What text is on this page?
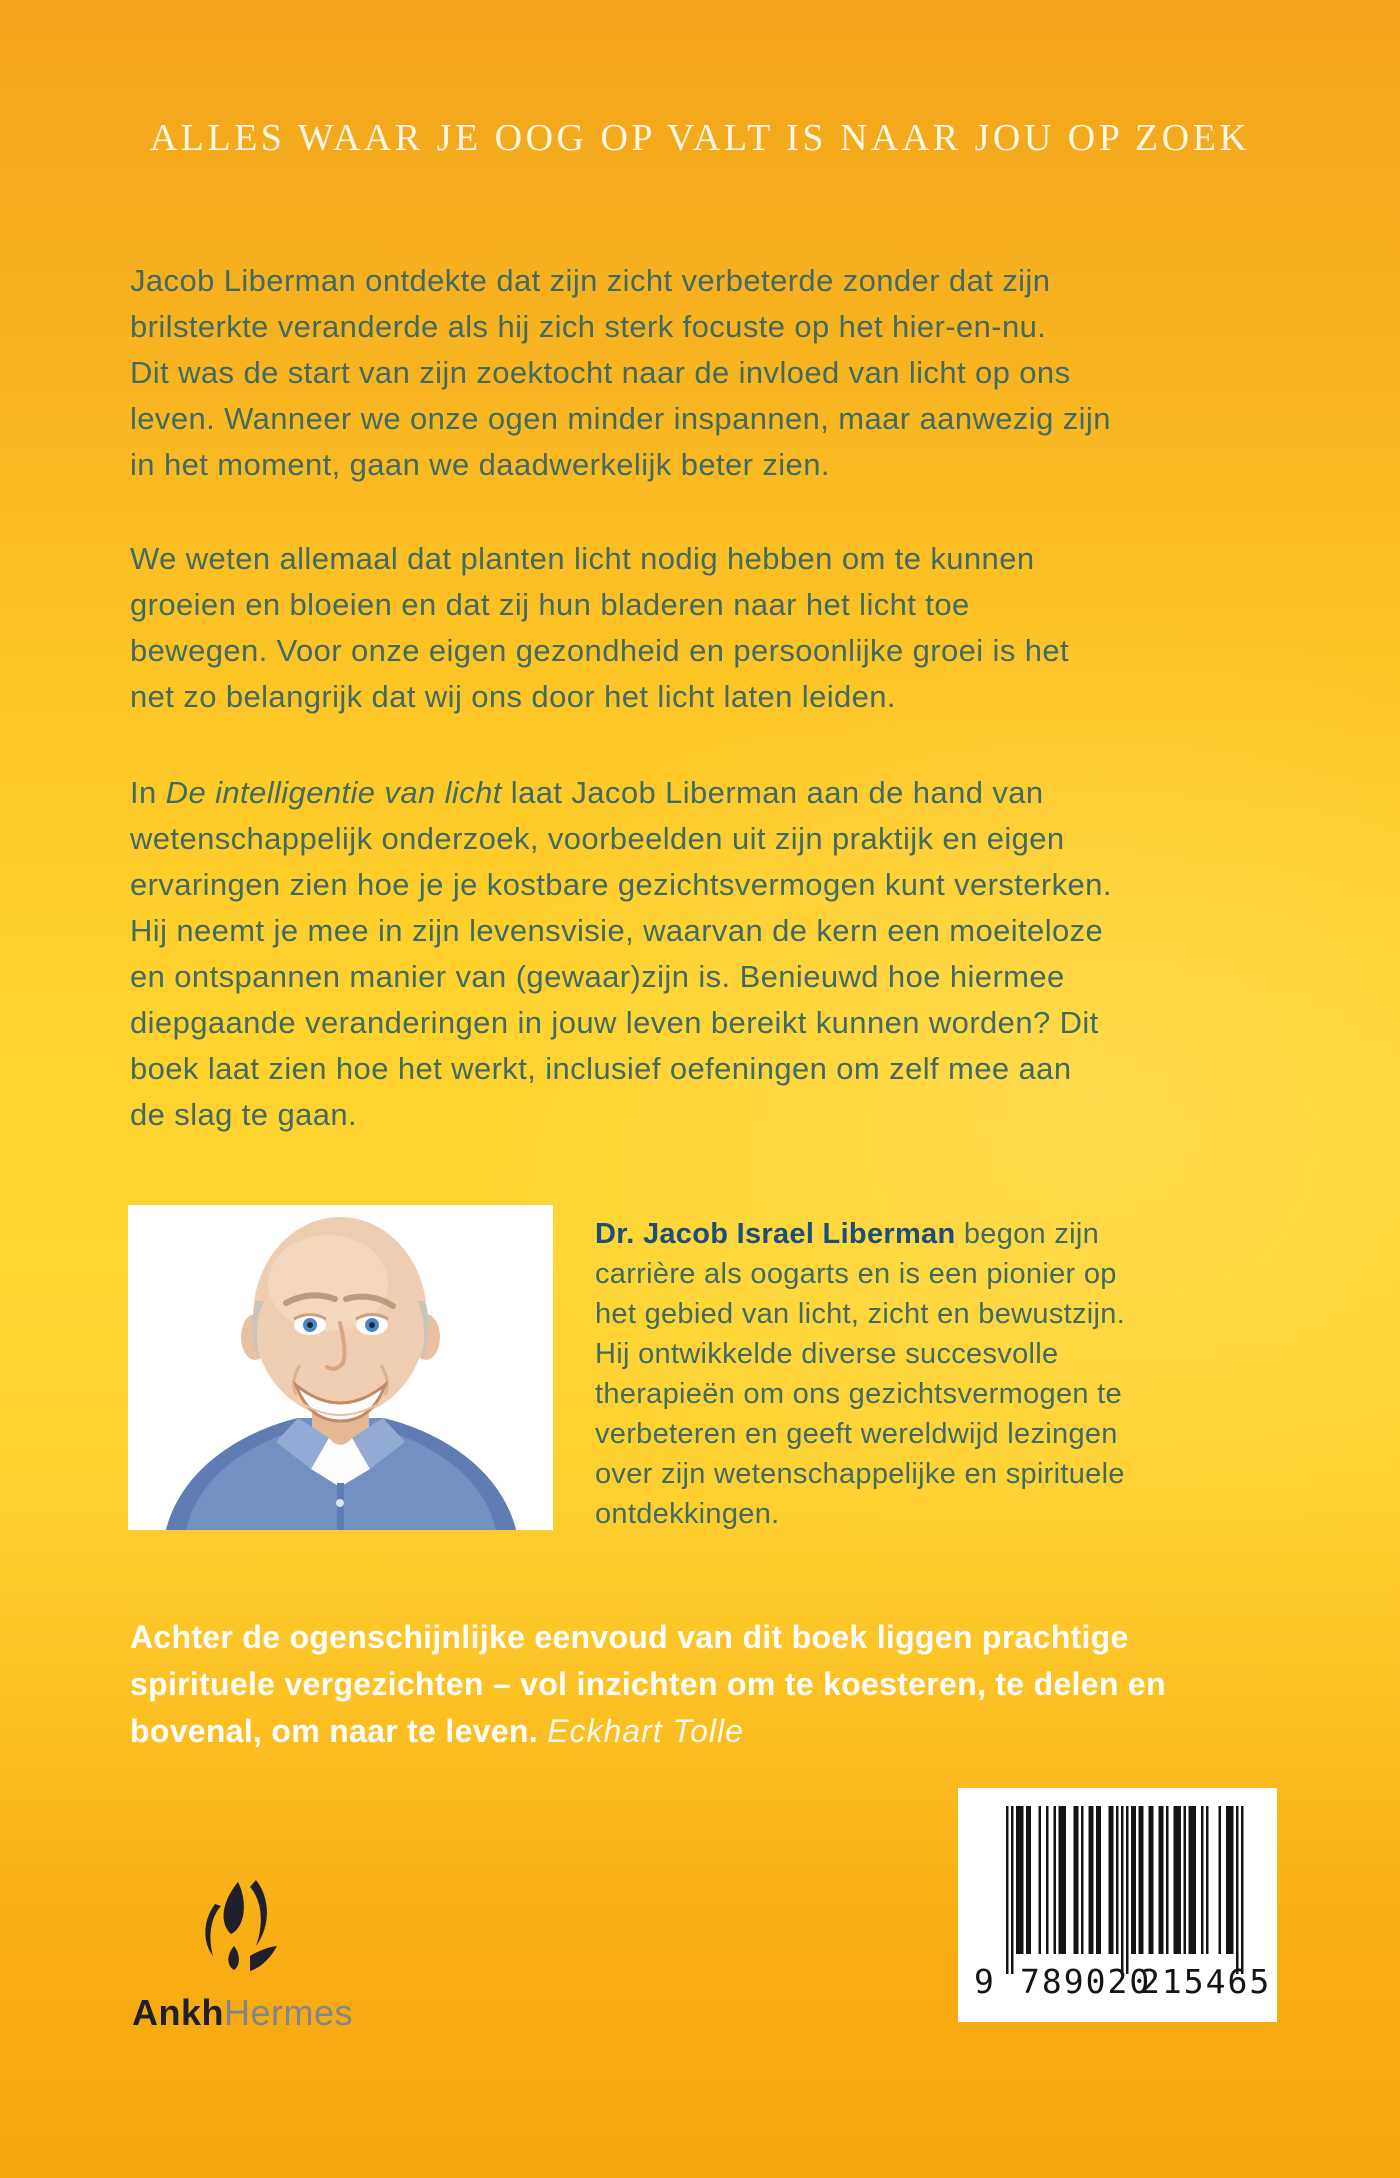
ALLES WAAR JE OOG OP VALT IS NAAR JOU OP ZOEK
Jacob Liberman ontdekte dat zijn zicht verbeterde zonder dat zijn
brilsterkte veranderde als hij zich sterk focuste op het hier-en-nu.
Dit was de start van zijn zoektocht naar de invloed van licht op ons
leven. Wanneer we onze ogen minder inspannen, maar aanwezig zijn
in het moment, gaan we daadwerkelijk beter zien.
We weten allemaal dat planten licht nodig hebben om te kunnen
groeien en bloeien en dat zij hun bladeren naar het licht toe
bewegen. Voor onze eigen gezondheid en persoonlijke groei is het
net zo belangrijk dat wij ons door het licht laten leiden.
In De intelligentie van licht laat Jacob Liberman aan de hand van
wetenschappelijk onderzoek, voorbeelden uit zijn praktijk en eigen
ervaringen zien hoe je je kostbare gezichtsvermogen kunt versterken.
Hij neemt je mee in zijn levensvisie, waarvan de kern een moeiteloze
en ontspannen manier van (gewaar)zijn is. Benieuwd hoe hiermee
diepgaande veranderingen in jouw leven bereikt kunnen worden? Dit
boek laat zien hoe het werkt, inclusief oefeningen om zelf mee aan
de slag te gaan.
Dr. Jacob Israel Liberman begon zijn
carrière als oogarts en is een pionier op
het gebied van licht, zicht en bewustzijn.
Hij ontwikkelde diverse succesvolle
therapieën om ons gezichtsvermogen te
verbeteren en geeft wereldwijd lezingen
over zijn wetenschappelijke en spirituele
ontdekkingen.
Achter de ogenschijnlijke eenvoud van dit boek liggen prachtige
spirituele vergezichten – vol inzichten om te koesteren, te delen en
bovenal, om naar te leven. Eckhart Tolle
9 789020
215465
AnkhHermes
